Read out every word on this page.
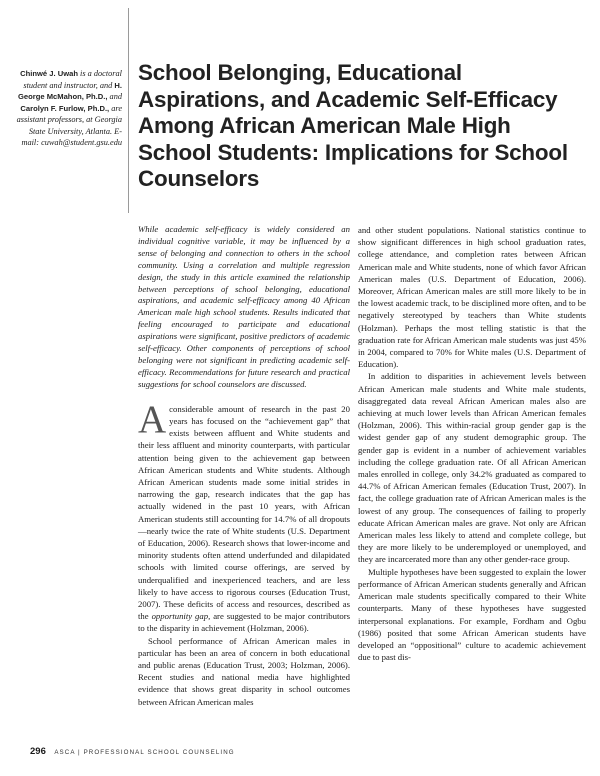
Chinwé J. Uwah is a doctoral student and instructor, and H. George McMahon, Ph.D., and Carolyn F. Furlow, Ph.D., are assistant professors, at Georgia State University, Atlanta. E-mail: cuwah@student.gsu.edu
School Belonging, Educational Aspirations, and Academic Self-Efficacy Among African American Male High School Students: Implications for School Counselors

While academic self-efficacy is widely considered an individual cognitive variable, it may be influenced by a sense of belonging and connection to others in the school community. Using a correlation and multiple regression design, the study in this article examined the relationship between perceptions of school belonging, educational aspirations, and academic self-efficacy among 40 African American male high school students. Results indicated that feeling encouraged to participate and educational aspirations were significant, positive predictors of academic self-efficacy. Other components of perceptions of school belonging were not significant in predicting academic self-efficacy. Recommendations for future research and practical suggestions for school counselors are discussed.

Aconsiderable amount of research in the past 20 years has focused on the “achievement gap” that exists between affluent and White students and their less affluent and minority counterparts, with particular attention being given to the achievement gap between African American students and White students. Although African American students made some initial strides in narrowing the gap, research indicates that the gap has actually widened in the past 10 years, with African American students still accounting for 14.7% of all dropouts—nearly twice the rate of White students (U.S. Department of Education, 2006). Research shows that lower-income and minority students often attend underfunded and dilapidated schools with limited course offerings, are served by underqualified and inexperienced teachers, and are less likely to have access to rigorous courses (Education Trust, 2007). These deficits of access and resources, described as the opportunity gap, are suggested to be major contributors to the disparity in achievement (Holzman, 2006).

School performance of African American males in particular has been an area of concern in both educational and public arenas (Education Trust, 2003; Holzman, 2006). Recent studies and national media have highlighted evidence that shows great disparity in school outcomes between African American males

and other student populations. National statistics continue to show significant differences in high school graduation rates, college attendance, and completion rates between African American male and White students, none of which favor African American males (U.S. Department of Education, 2006). Moreover, African American males are still more likely to be in the lowest academic track, to be disciplined more often, and to be negatively stereotyped by teachers than White students (Holzman). Perhaps the most telling statistic is that the graduation rate for African American male students was just 45% in 2004, compared to 70% for White males (U.S. Department of Education).

In addition to disparities in achievement levels between African American male students and White male students, disaggregated data reveal African American males also are achieving at much lower levels than African American females (Holzman, 2006). This within-racial group gender gap is the widest gender gap of any student demographic group. The gender gap is evident in a number of achievement variables including the college graduation rate. Of all African American males enrolled in college, only 34.2% graduated as compared to 44.7% of African American females (Education Trust, 2007). In fact, the college graduation rate of African American males is the lowest of any group. The consequences of failing to properly educate African American males are grave. Not only are African American males less likely to attend and complete college, but they are more likely to be underemployed or unemployed, and they are incarcerated more than any other gender-race group.

Multiple hypotheses have been suggested to explain the lower performance of African American students generally and African American male students specifically compared to their White counterparts. Many of these hypotheses have suggested interpersonal explanations. For example, Fordham and Ogbu (1986) posited that some African American students have developed an “oppositional” culture to academic achievement due to past dis-

296 ASCA | PROFESSIONAL SCHOOL COUNSELING
